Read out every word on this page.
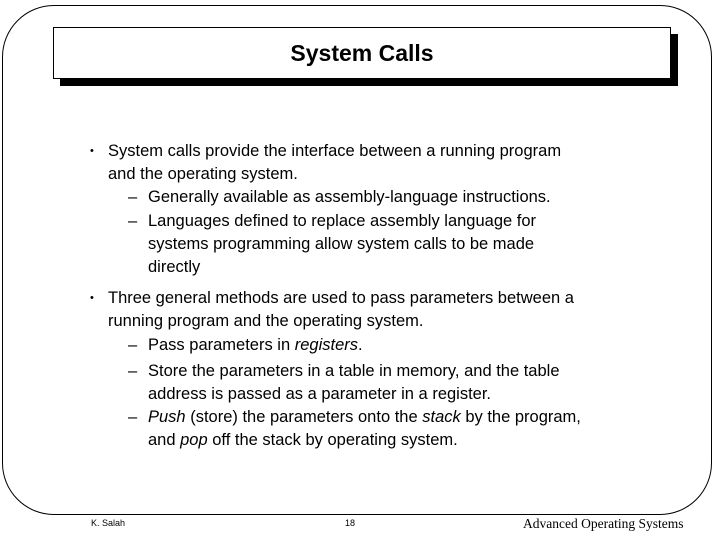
System Calls
• System calls provide the interface between a running program
and the operating system.
– Generally available as assembly-language instructions.
– Languages defined to replace assembly language for
systems programming allow system calls to be made
directly
• Three general methods are used to pass parameters between a
running program and the operating system.
– Pass parameters in registers.
– Store the parameters in a table in memory, and the table
address is passed as a parameter in a register.
– Push (store) the parameters onto the stack by the program,
and pop off the stack by operating system.
K. Salah	18	Advanced Operating Systems
